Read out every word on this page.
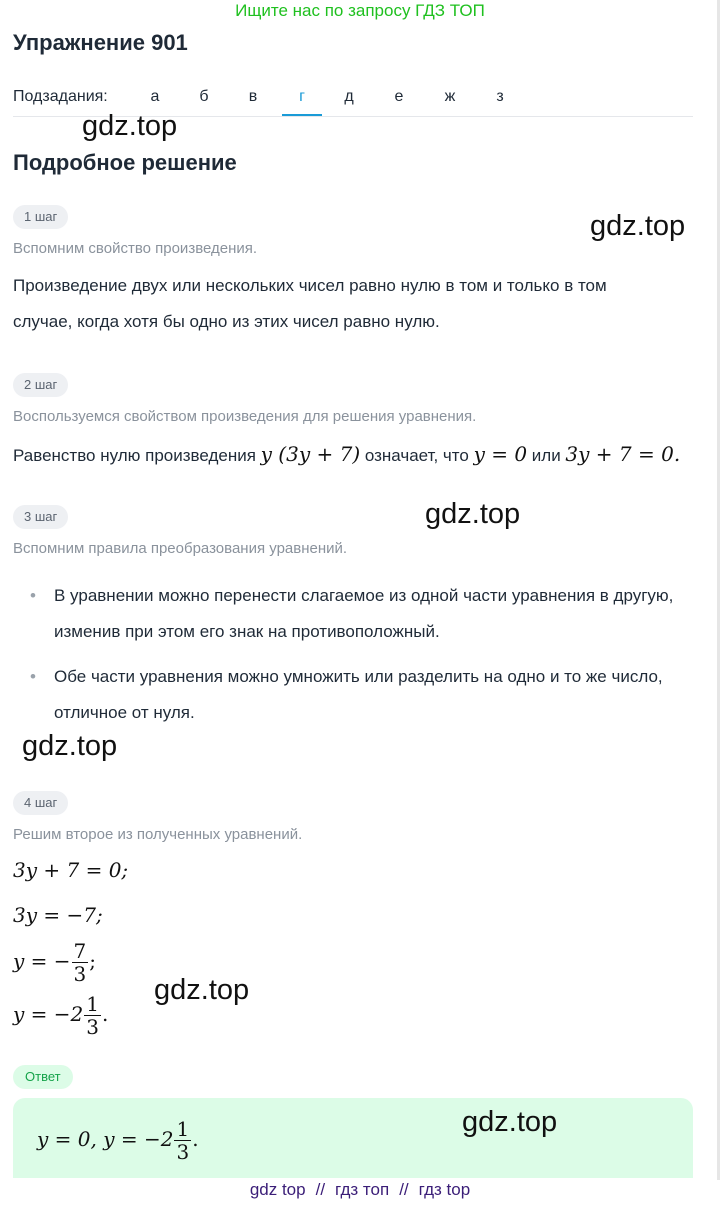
Ищите нас по запросу ГДЗ ТОП
Упражнение 901
Подзадания:	а	б	в	г	д	е	ж	з
gdz.top
Подробное решение
1 шаг	gdz.top
Вспомним свойство произведения.
Произведение двух или нескольких чисел равно нулю в том и только в том
случае, когда хотя бы одно из этих чисел равно нулю.
2 шаг
Воспользуемся свойством произведения для решения уравнения.
Равенство нулю произведения y (3y + 7) означает, что y = 0 или 3y + 7 = 0.
3 шаг	gdz.top
Вспомним правила преобразования уравнений.
•	В уравнении можно перенести слагаемое из одной части уравнения в другую, изменив при этом его знак на противоположный.
•	Обе части уравнения можно умножить или разделить на одно и то же число, отличное от нуля.
gdz.top
4 шаг
Решим второе из полученных уравнений.
3y + 7 = 0;
3y = −7;
y = − $\frac{7}{3}$ ;
$y = -2 \frac{1}{3}$ .
gdz.top
Ответ
y = 0, $y = -2 \frac{1}{3}$ .
gdz.top
gdz top // гдз топ // гдз top
